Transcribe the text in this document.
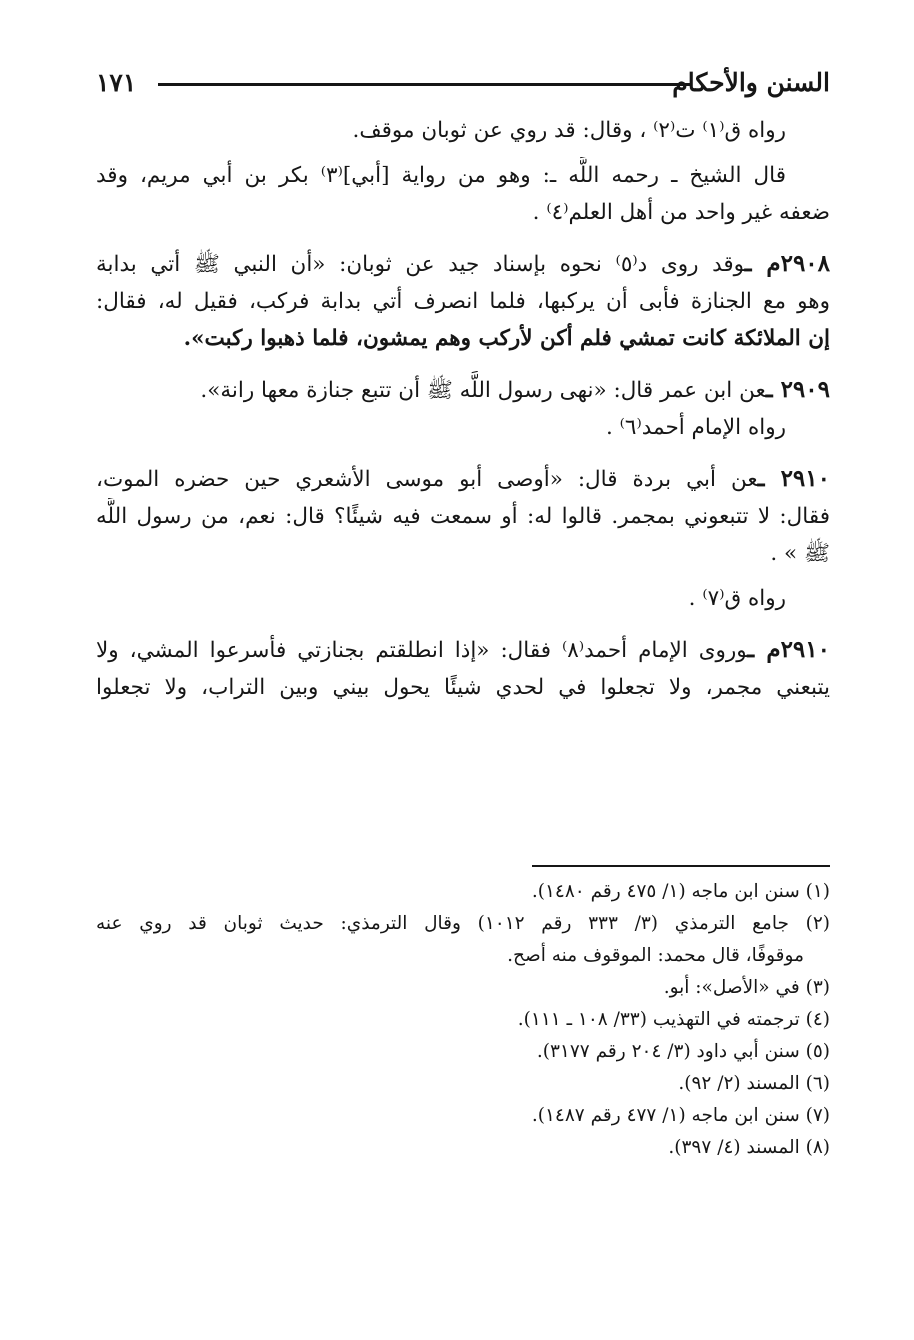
السنن والأحكام
١٧١
رواه ق⁽١⁾ ت⁽٢⁾ ، وقال: قد روي عن ثوبان موقف.
قال الشيخ ـ رحمه اللَّه ـ: وهو من رواية [أبي]⁽٣⁾ بكر بن أبي مريم، وقد
ضعفه غير واحد من أهل العلم⁽٤⁾ .
٢٩٠٨م ـوقد روى د⁽٥⁾ نحوه بإسناد جيد عن ثوبان: «أن النبي ﷺ أتي بدابة
وهو مع الجنازة فأبى أن يركبها، فلما انصرف أتي بدابة فركب، فقيل له، فقال:
إن الملائكة كانت تمشي فلم أكن لأركب وهم يمشون، فلما ذهبوا ركبت».
٢٩٠٩ ـعن ابن عمر قال: «نهى رسول اللَّه ﷺ أن تتبع جنازة معها رانة».
رواه الإمام أحمد⁽٦⁾ .
٢٩١٠ ـعن أبي بردة قال: «أوصى أبو موسى الأشعري حين حضره الموت،
فقال: لا تتبعوني بمجمر. قالوا له: أو سمعت فيه شيئًا؟ قال: نعم، من رسول اللَّه
ﷺ » .
رواه ق⁽٧⁾ .
٢٩١٠م ـوروى الإمام أحمد⁽٨⁾ فقال: «إذا انطلقتم بجنازتي فأسرعوا المشي، ولا
يتبعني مجمر، ولا تجعلوا في لحدي شيئًا يحول بيني وبين التراب، ولا تجعلوا
(١) سنن ابن ماجه (١/ ٤٧٥ رقم ١٤٨٠).
(٢) جامع الترمذي (٣/ ٣٣٣ رقم ١٠١٢) وقال الترمذي: حديث ثوبان قد روي عنه
موقوفًا، قال محمد: الموقوف منه أصح.
(٣) في «الأصل»: أبو.
(٤) ترجمته في التهذيب (٣٣/ ١٠٨ ـ ١١١).
(٥) سنن أبي داود (٣/ ٢٠٤ رقم ٣١٧٧).
(٦) المسند (٢/ ٩٢).
(٧) سنن ابن ماجه (١/ ٤٧٧ رقم ١٤٨٧).
(٨) المسند (٤/ ٣٩٧).
